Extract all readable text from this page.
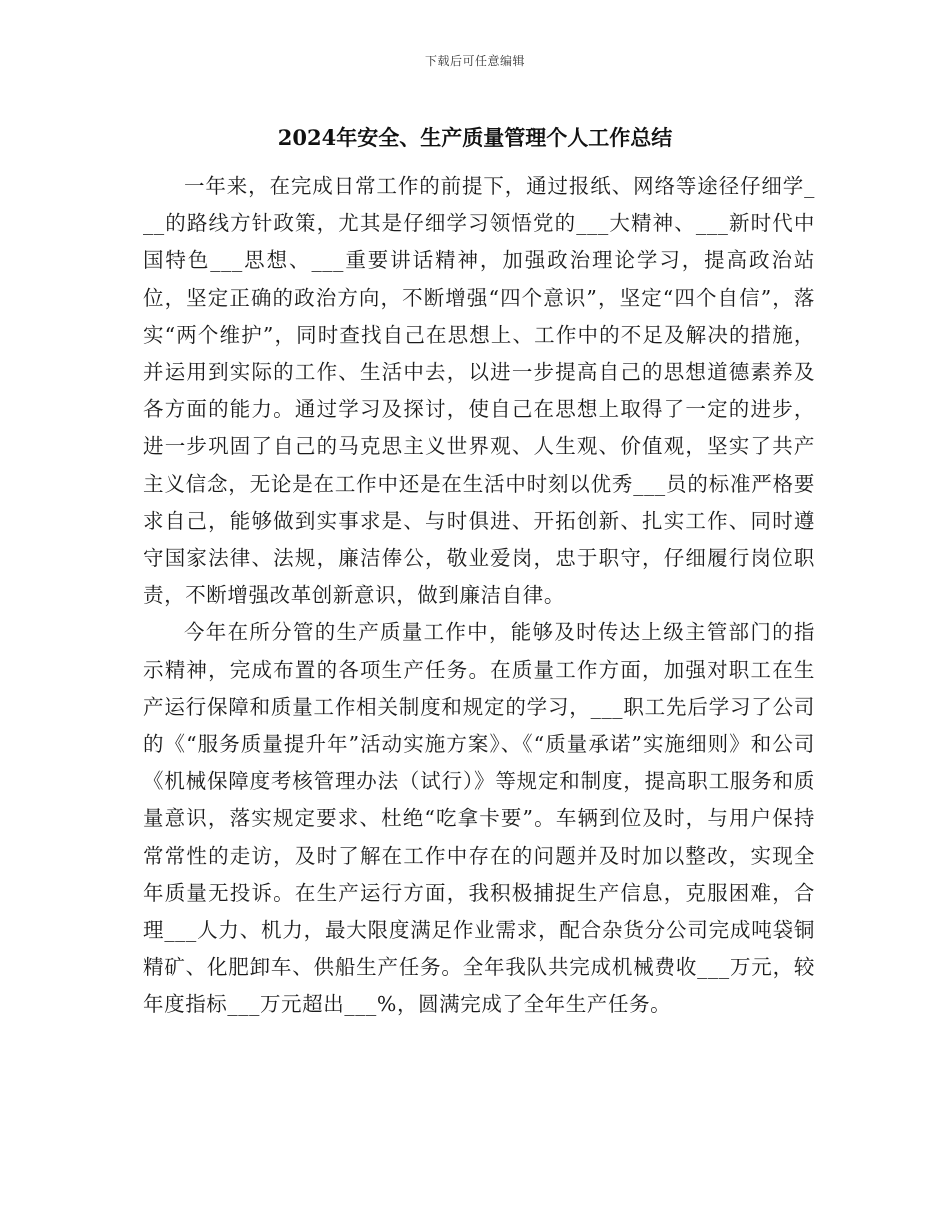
下载后可任意编辑
2024年安全、生产质量管理个人工作总结

一年来，在完成日常工作的前提下，通过报纸、网络等途径仔细学___的路线方针政策，尤其是仔细学习领悟党的___大精神、___新时代中国特色___思想、___重要讲话精神，加强政治理论学习，提高政治站位，坚定正确的政治方向，不断增强“四个意识”，坚定“四个自信”，落实“两个维护”，同时查找自己在思想上、工作中的不足及解决的措施，并运用到实际的工作、生活中去，以进一步提高自己的思想道德素养及各方面的能力。通过学习及探讨，使自己在思想上取得了一定的进步，进一步巩固了自己的马克思主义世界观、人生观、价值观，坚实了共产主义信念，无论是在工作中还是在生活中时刻以优秀___员的标准严格要求自己，能够做到实事求是、与时俱进、开拓创新、扎实工作、同时遵守国家法律、法规，廉洁俸公，敬业爱岗，忠于职守，仔细履行岗位职责，不断增强改革创新意识，做到廉洁自律。

今年在所分管的生产质量工作中，能够及时传达上级主管部门的指示精神，完成布置的各项生产任务。在质量工作方面，加强对职工在生产运行保障和质量工作相关制度和规定的学习，___职工先后学习了公司的《“服务质量提升年”活动实施方案》、《“质量承诺”实施细则》和公司《机械保障度考核管理办法（试行）》等规定和制度，提高职工服务和质量意识，落实规定要求、杜绝“吃拿卡要”。车辆到位及时，与用户保持常常性的走访，及时了解在工作中存在的问题并及时加以整改，实现全年质量无投诉。在生产运行方面，我积极捕捉生产信息，克服困难，合理___人力、机力，最大限度满足作业需求，配合杂货分公司完成吨袋铜精矿、化肥卸车、供船生产任务。全年我队共完成机械费收___万元，较年度指标___万元超出___%，圆满完成了全年生产任务。
